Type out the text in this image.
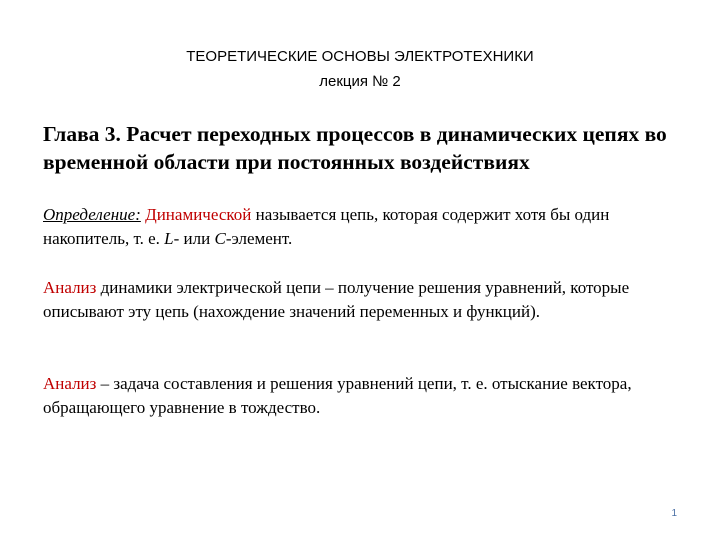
ТЕОРЕТИЧЕСКИЕ ОСНОВЫ ЭЛЕКТРОТЕХНИКИ
лекция № 2
Глава 3. Расчет переходных процессов в динамических цепях во временной области при постоянных воздействиях

Определение: Динамической называется цепь, которая содержит хотя бы один накопитель, т. е. L- или C-элемент.

Анализ динамики электрической цепи – получение решения уравнений, которые описывают эту цепь (нахождение значений переменных и функций).

Анализ – задача составления и решения уравнений цепи, т. е. отыскание вектора, обращающего уравнение в тождество.

1
